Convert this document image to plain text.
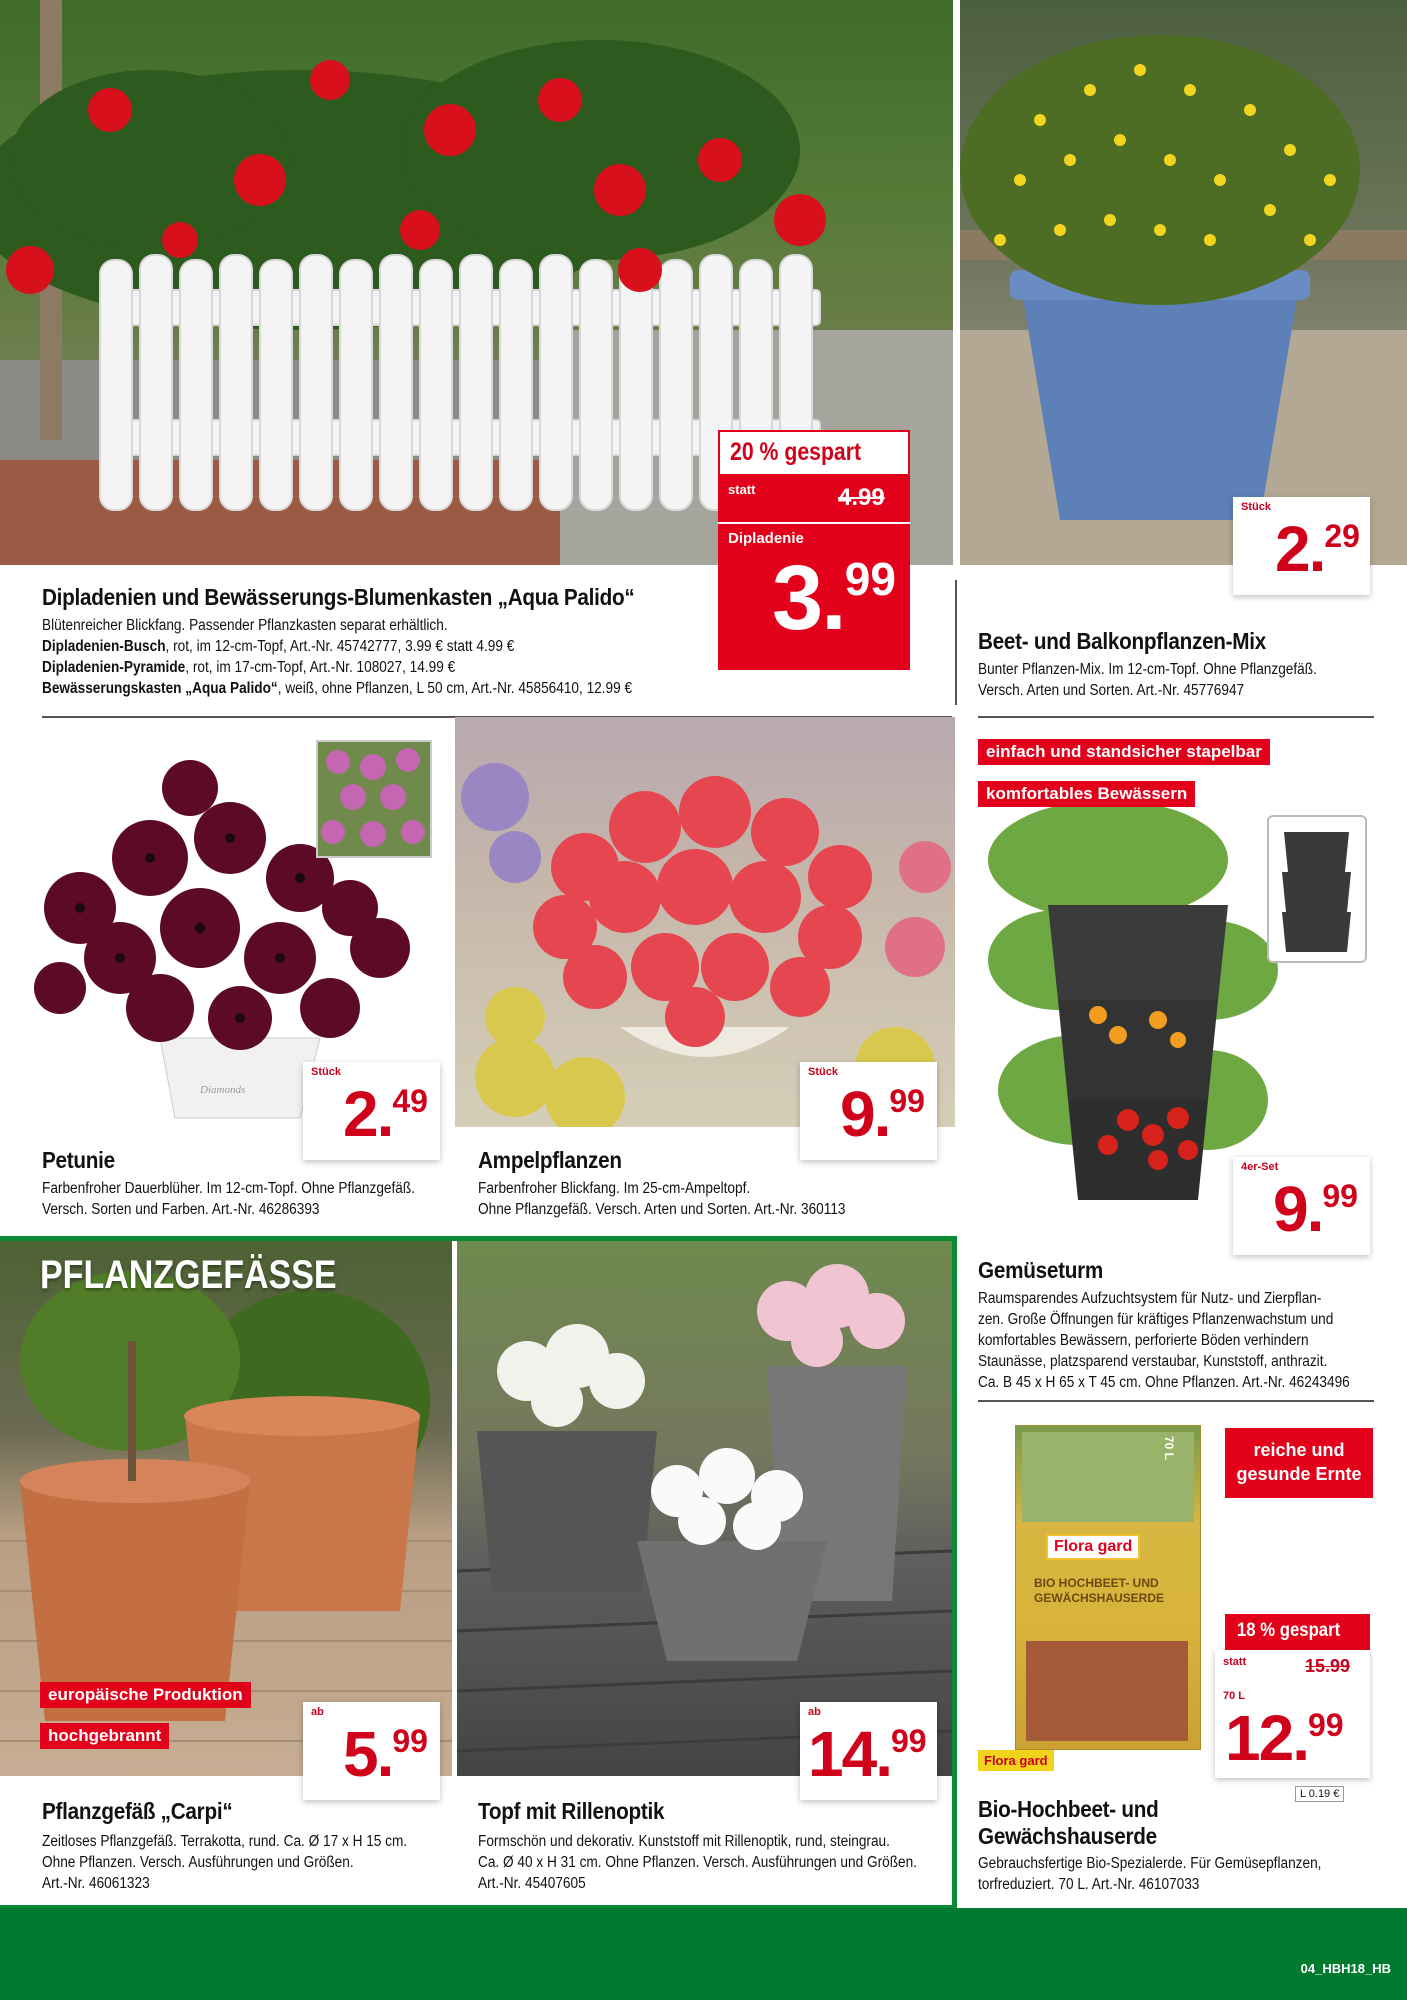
20 % gespart
statt	4.99
Dipladenie
3.99
Stück
2.29
Dipladenien und Bewässerungs-Blumenkasten „Aqua Palido“
Blütenreicher Blickfang. Passender Pflanzkasten separat erhältlich.
Dipladenien-Busch, rot, im 12-cm-Topf, Art.-Nr. 45742777, 3.99 € statt 4.99 €
Dipladenien-Pyramide, rot, im 17-cm-Topf, Art.-Nr. 108027, 14.99 €
Bewässerungskasten „Aqua Palido“, weiß, ohne Pflanzen, L 50 cm, Art.-Nr. 45856410, 12.99 €
Beet- und Balkonpflanzen-Mix
Bunter Pflanzen-Mix. Im 12-cm-Topf. Ohne Pflanzgefäß.
Versch. Arten und Sorten. Art.-Nr. 45776947
Diamonds
Stück
2.49
Petunie
Farbenfroher Dauerblüher. Im 12-cm-Topf. Ohne Pflanzgefäß.
Versch. Sorten und Farben. Art.-Nr. 46286393
Stück
9.99
Ampelpflanzen
Farbenfroher Blickfang. Im 25-cm-Ampeltopf.
Ohne Pflanzgefäß. Versch. Arten und Sorten. Art.-Nr. 360113
einfach und standsicher stapelbar
komfortables Bewässern
4er-Set
9.99
Gemüseturm
Raumsparendes Aufzuchtsystem für Nutz- und Zierpflan-
zen. Große Öffnungen für kräftiges Pflanzenwachstum und
komfortables Bewässern, perforierte Böden verhindern
Staunässe, platzsparend verstaubar, Kunststoff, anthrazit.
Ca. B 45 x H 65 x T 45 cm. Ohne Pflanzen. Art.-Nr. 46243496
PFLANZGEFÄSSE
europäische Produktion
hochgebrannt
ab
5.99
Pflanzgefäß „Carpi“
Zeitloses Pflanzgefäß. Terrakotta, rund. Ca. Ø 17 x H 15 cm.
Ohne Pflanzen. Versch. Ausführungen und Größen.
Art.-Nr. 46061323
ab
14.99
Topf mit Rillenoptik
Formschön und dekorativ. Kunststoff mit Rillenoptik, rund, steingrau.
Ca. Ø 40 x H 31 cm. Ohne Pflanzen. Versch. Ausführungen und Größen.
Art.-Nr. 45407605
Flora gard
BIO HOCHBEET- UND
GEWÄCHSHAUSERDE
70 L
Flora gard
reiche und
gesunde Ernte
18 % gespart
statt	15.99
70 L
12.99
L 0.19 €
Bio-Hochbeet- und
Gewächshauserde
Gebrauchsfertige Bio-Spezialerde. Für Gemüsepflanzen,
torfreduziert. 70 L. Art.-Nr. 46107033
04_HBH18_HB
